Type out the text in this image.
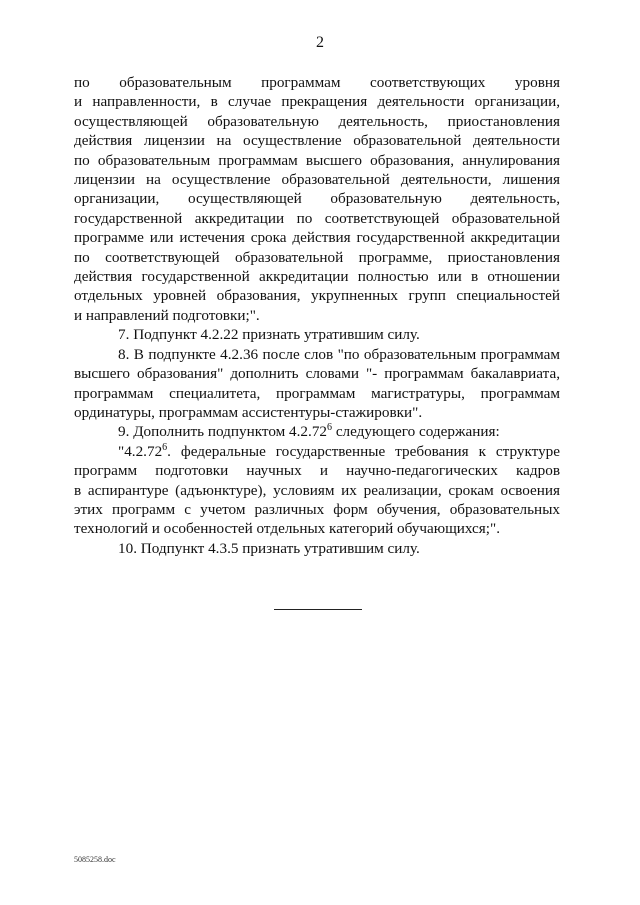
2
по образовательным программам соответствующих уровня
и направленности, в случае прекращения деятельности организации,
осуществляющей образовательную деятельность, приостановления
действия лицензии на осуществление образовательной деятельности
по образовательным программам высшего образования, аннулирования
лицензии на осуществление образовательной деятельности, лишения
организации, осуществляющей образовательную деятельность,
государственной аккредитации по соответствующей образовательной
программе или истечения срока действия государственной аккредитации
по соответствующей образовательной программе, приостановления
действия государственной аккредитации полностью или в отношении
отдельных уровней образования, укрупненных групп специальностей
и направлений подготовки;".
7. Подпункт 4.2.22 признать утратившим силу.
8. В подпункте 4.2.36 после слов "по образовательным программам
высшего образования" дополнить словами "- программам бакалавриата,
программам специалитета, программам магистратуры, программам
ординатуры, программам ассистентуры-стажировки".
9. Дополнить подпунктом 4.2.72$^6$ следующего содержания:
"4.2.72$^6$. федеральные государственные требования к структуре
программ подготовки научных и научно-педагогических кадров
в аспирантуре (адъюнктуре), условиям их реализации, срокам освоения
этих программ с учетом различных форм обучения, образовательных
технологий и особенностей отдельных категорий обучающихся;".
10. Подпункт 4.3.5 признать утратившим силу.
5085258.doc
